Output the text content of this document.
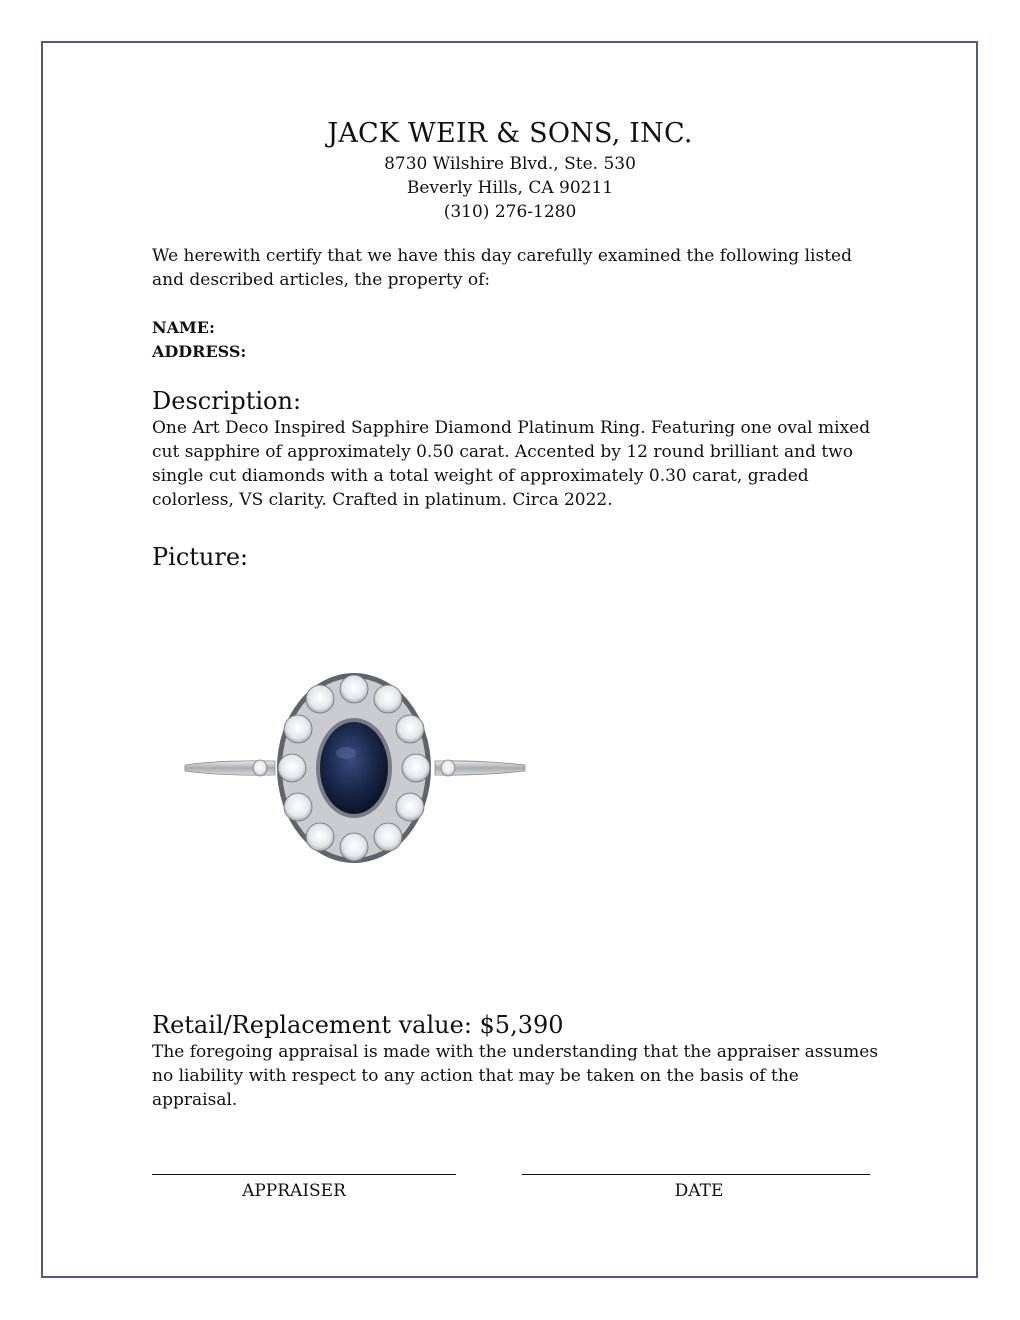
JACK WEIR & SONS, INC.
8730 Wilshire Blvd., Ste. 530
Beverly Hills, CA 90211
(310) 276-1280
We herewith certify that we have this day carefully examined the following listed and described articles, the property of:
NAME:
ADDRESS:
Description:
One Art Deco Inspired Sapphire Diamond Platinum Ring. Featuring one oval mixed cut sapphire of approximately 0.50 carat. Accented by 12 round brilliant and two single cut diamonds with a total weight of approximately 0.30 carat, graded colorless, VS clarity. Crafted in platinum. Circa 2022.
Picture:
Retail/Replacement value: $5,390
The foregoing appraisal is made with the understanding that the appraiser assumes no liability with respect to any action that may be taken on the basis of the appraisal.
APPRAISER	DATE
